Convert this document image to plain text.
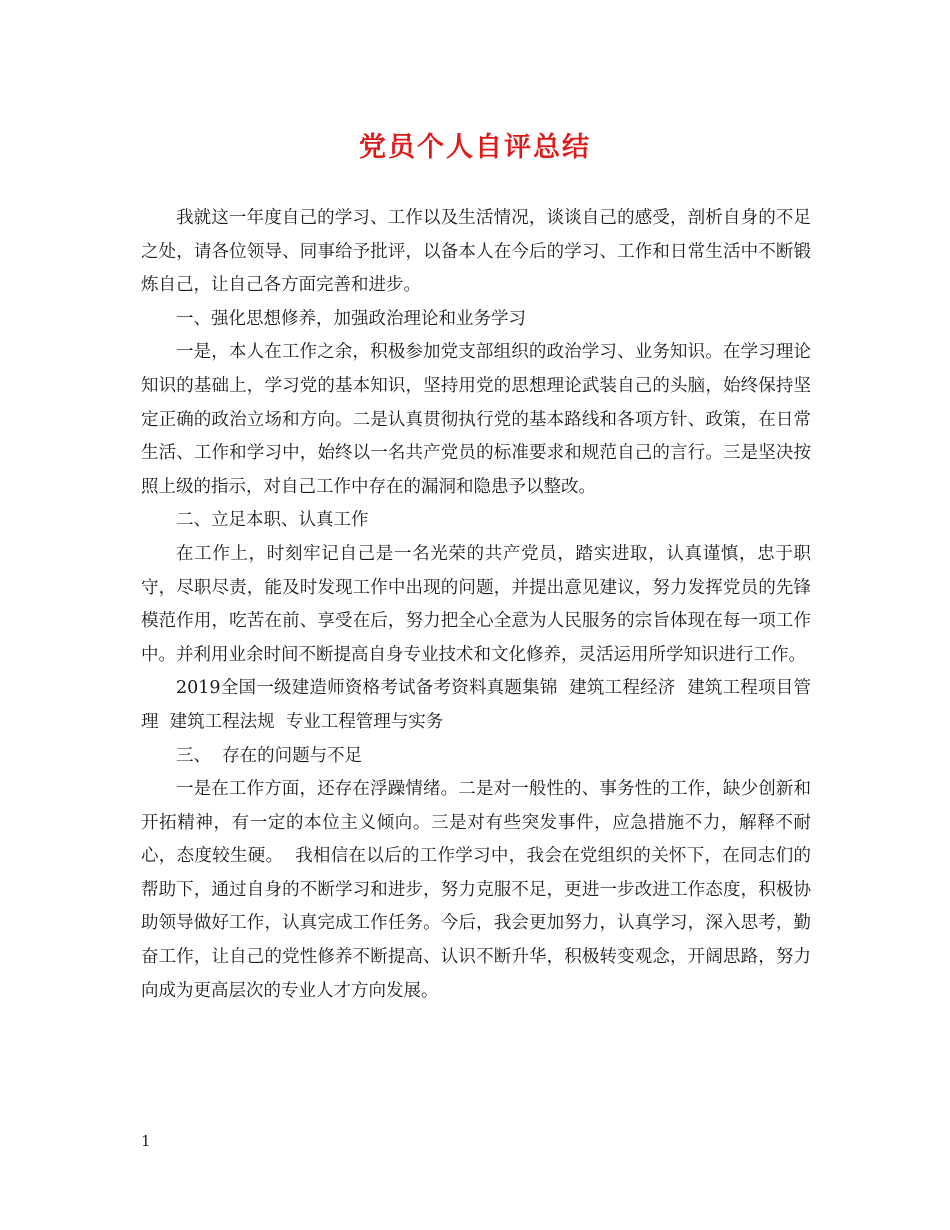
党员个人自评总结

我就这一年度自己的学习、工作以及生活情况，谈谈自己的感受，剖析自身的不足之处，请各位领导、同事给予批评，以备本人在今后的学习、工作和日常生活中不断锻炼自己，让自己各方面完善和进步。

一、强化思想修养，加强政治理论和业务学习

一是，本人在工作之余，积极参加党支部组织的政治学习、业务知识。在学习理论知识的基础上，学习党的基本知识，坚持用党的思想理论武装自己的头脑，始终保持坚定正确的政治立场和方向。二是认真贯彻执行党的基本路线和各项方针、政策，在日常生活、工作和学习中，始终以一名共产党员的标准要求和规范自己的言行。三是坚决按照上级的指示，对自己工作中存在的漏洞和隐患予以整改。

二、立足本职、认真工作

在工作上，时刻牢记自己是一名光荣的共产党员，踏实进取，认真谨慎，忠于职守，尽职尽责，能及时发现工作中出现的问题，并提出意见建议，努力发挥党员的先锋模范作用，吃苦在前、享受在后，努力把全心全意为人民服务的宗旨体现在每一项工作中。并利用业余时间不断提高自身专业技术和文化修养，灵活运用所学知识进行工作。

2019全国一级建造师资格考试备考资料真题集锦  建筑工程经济  建筑工程项目管理  建筑工程法规  专业工程管理与实务

三、  存在的问题与不足

一是在工作方面，还存在浮躁情绪。二是对一般性的、事务性的工作，缺少创新和开拓精神，有一定的本位主义倾向。三是对有些突发事件，应急措施不力，解释不耐心，态度较生硬。  我相信在以后的工作学习中，我会在党组织的关怀下，在同志们的帮助下，通过自身的不断学习和进步，努力克服不足，更进一步改进工作态度，积极协助领导做好工作，认真完成工作任务。今后，我会更加努力，认真学习，深入思考，勤奋工作，让自己的党性修养不断提高、认识不断升华，积极转变观念，开阔思路，努力向成为更高层次的专业人才方向发展。

1
